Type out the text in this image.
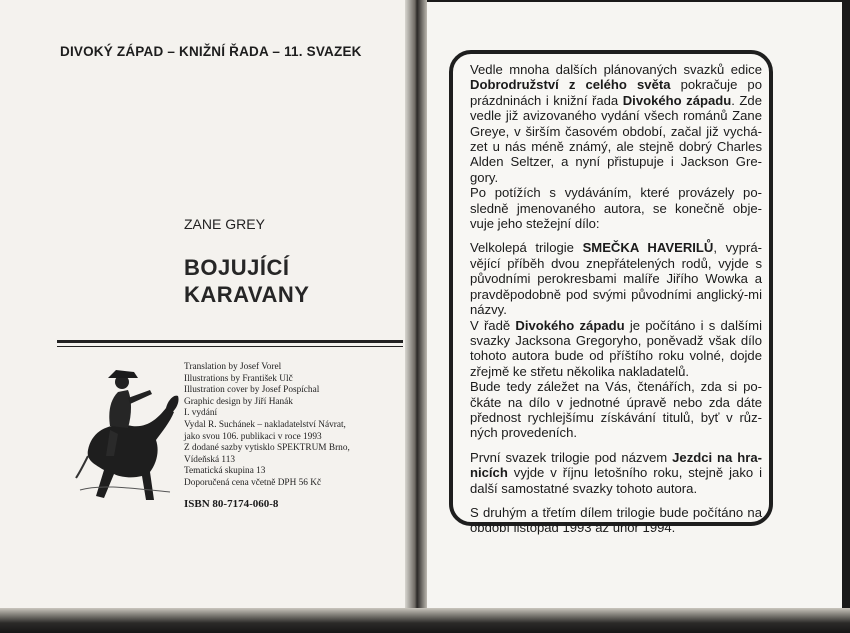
DIVOKÝ ZÁPAD – KNIŽNÍ ŘADA – 11. SVAZEK
ZANE GREY
BOJUJÍCÍ
KARAVANY
Translation by Josef Vorel
Illustrations by František Ulč
Illustration cover by Josef Pospíchal
Graphic design by Jiří Hanák
I. vydání
Vydal R. Suchánek – nakladatelství Návrat,
jako svou 106. publikaci v roce 1993
Z dodané sazby vytisklo SPEKTRUM Brno,
Vídeňská 113
Tematická skupina 13
Doporučená cena včetně DPH 56 Kč
ISBN 80-7174-060-8

Vedle mnoha dalších plánovaných svazků edice Dobrodružství z celého světa pokračuje po prázdninách i knižní řada Divokého západu. Zde vedle již avizovaného vydání všech románů Zane Greye, v širším časovém období, začal již vychá-zet u nás méně známý, ale stejně dobrý Charles Alden Seltzer, a nyní přistupuje i Jackson Gre-gory.

Po potížích s vydáváním, které provázely po-sledně jmenovaného autora, se konečně obje-vuje jeho stežejní dílo:

Velkolepá trilogie SMEČKA HAVERILŮ, vyprá-vějící příběh dvou znepřátelených rodů, vyjde s původními perokresbami malíře Jiřího Wowka a pravděpodobně pod svými původními anglický-mi názvy.

V řadě Divokého západu je počítáno i s dalšími svazky Jacksona Gregoryho, poněvadž však dílo tohoto autora bude od příštího roku volné, dojde zřejmě ke střetu několika nakladatelů.

Bude tedy záležet na Vás, čtenářích, zda si po-čkáte na dílo v jednotné úpravě nebo zda dáte přednost rychlejšímu získávání titulů, byť v růz-ných provedeních.

První svazek trilogie pod názvem Jezdci na hra-nicích vyjde v říjnu letošního roku, stejně jako i další samostatné svazky tohoto autora.

S druhým a třetím dílem trilogie bude počítáno na období listopad 1993 až únor 1994.
